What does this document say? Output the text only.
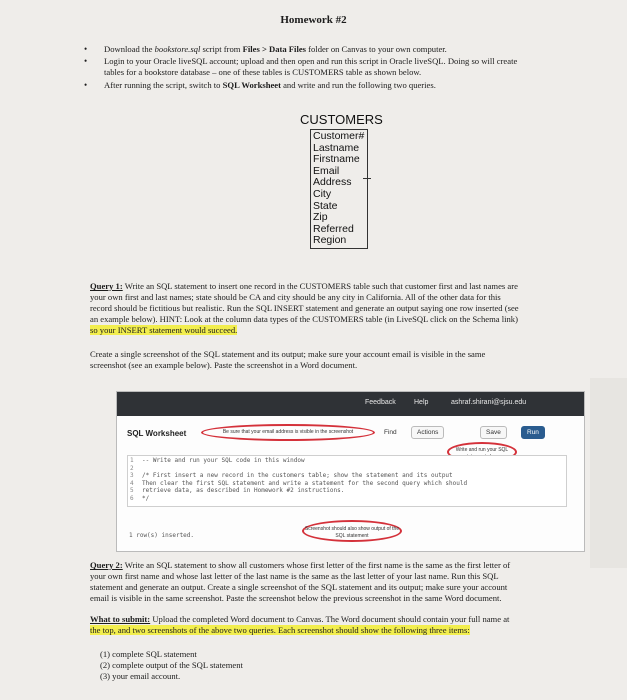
Homework #2
• Download the bookstore.sql script from Files > Data Files folder on Canvas to your own computer.
• Login to your Oracle liveSQL account; upload and then open and run this script in Oracle liveSQL. Doing so will create
tables for a bookstore database – one of these tables is CUSTOMERS table as shown below.
• After running the script, switch to SQL Worksheet and write and run the following two queries.
CUSTOMERS
Customer#
Lastname
Firstname
Email
Address
City
State
Zip
Referred
Region
Query 1: Write an SQL statement to insert one record in the CUSTOMERS table such that customer first and last names are
your own first and last names; state should be CA and city should be any city in California. All of the other data for this
record should be fictitious but realistic. Run the SQL INSERT statement and generate an output saying one row inserted (see
an example below). HINT: Look at the column data types of the CUSTOMERS table (in LiveSQL click on the Schema link)
so your INSERT statement would succeed.
Create a single screenshot of the SQL statement and its output; make sure your account email is visible in the same
screenshot (see an example below). Paste the screenshot in a Word document.
Feedback	Help	ashraf.shirani@sjsu.edu
SQL Worksheet	Be sure that your email address is visible in the screenshot	Find	Actions	Save	Run
Write and run your SQL
1
2
3
4
5
6
-- Write and run your SQL code in this window
/* First insert a new record in the customers table; show the statement and its output
Then clear the first SQL statement and write a statement for the second query which should
retrieve data, as described in Homework #2 instructions.
*/
1 row(s) inserted.
Screenshot should also show output of the SQL statement
Query 2: Write an SQL statement to show all customers whose first letter of the first name is the same as the first letter of
your own first name and whose last letter of the last name is the same as the last letter of your last name. Run this SQL
statement and generate an output. Create a single screenshot of the SQL statement and its output; make sure your account
email is visible in the same screenshot. Paste the screenshot below the previous screenshot in the same Word document.
What to submit: Upload the completed Word document to Canvas. The Word document should contain your full name at
the top, and two screenshots of the above two queries. Each screenshot should show the following three items:
(1) complete SQL statement
(2) complete output of the SQL statement
(3) your email account.
